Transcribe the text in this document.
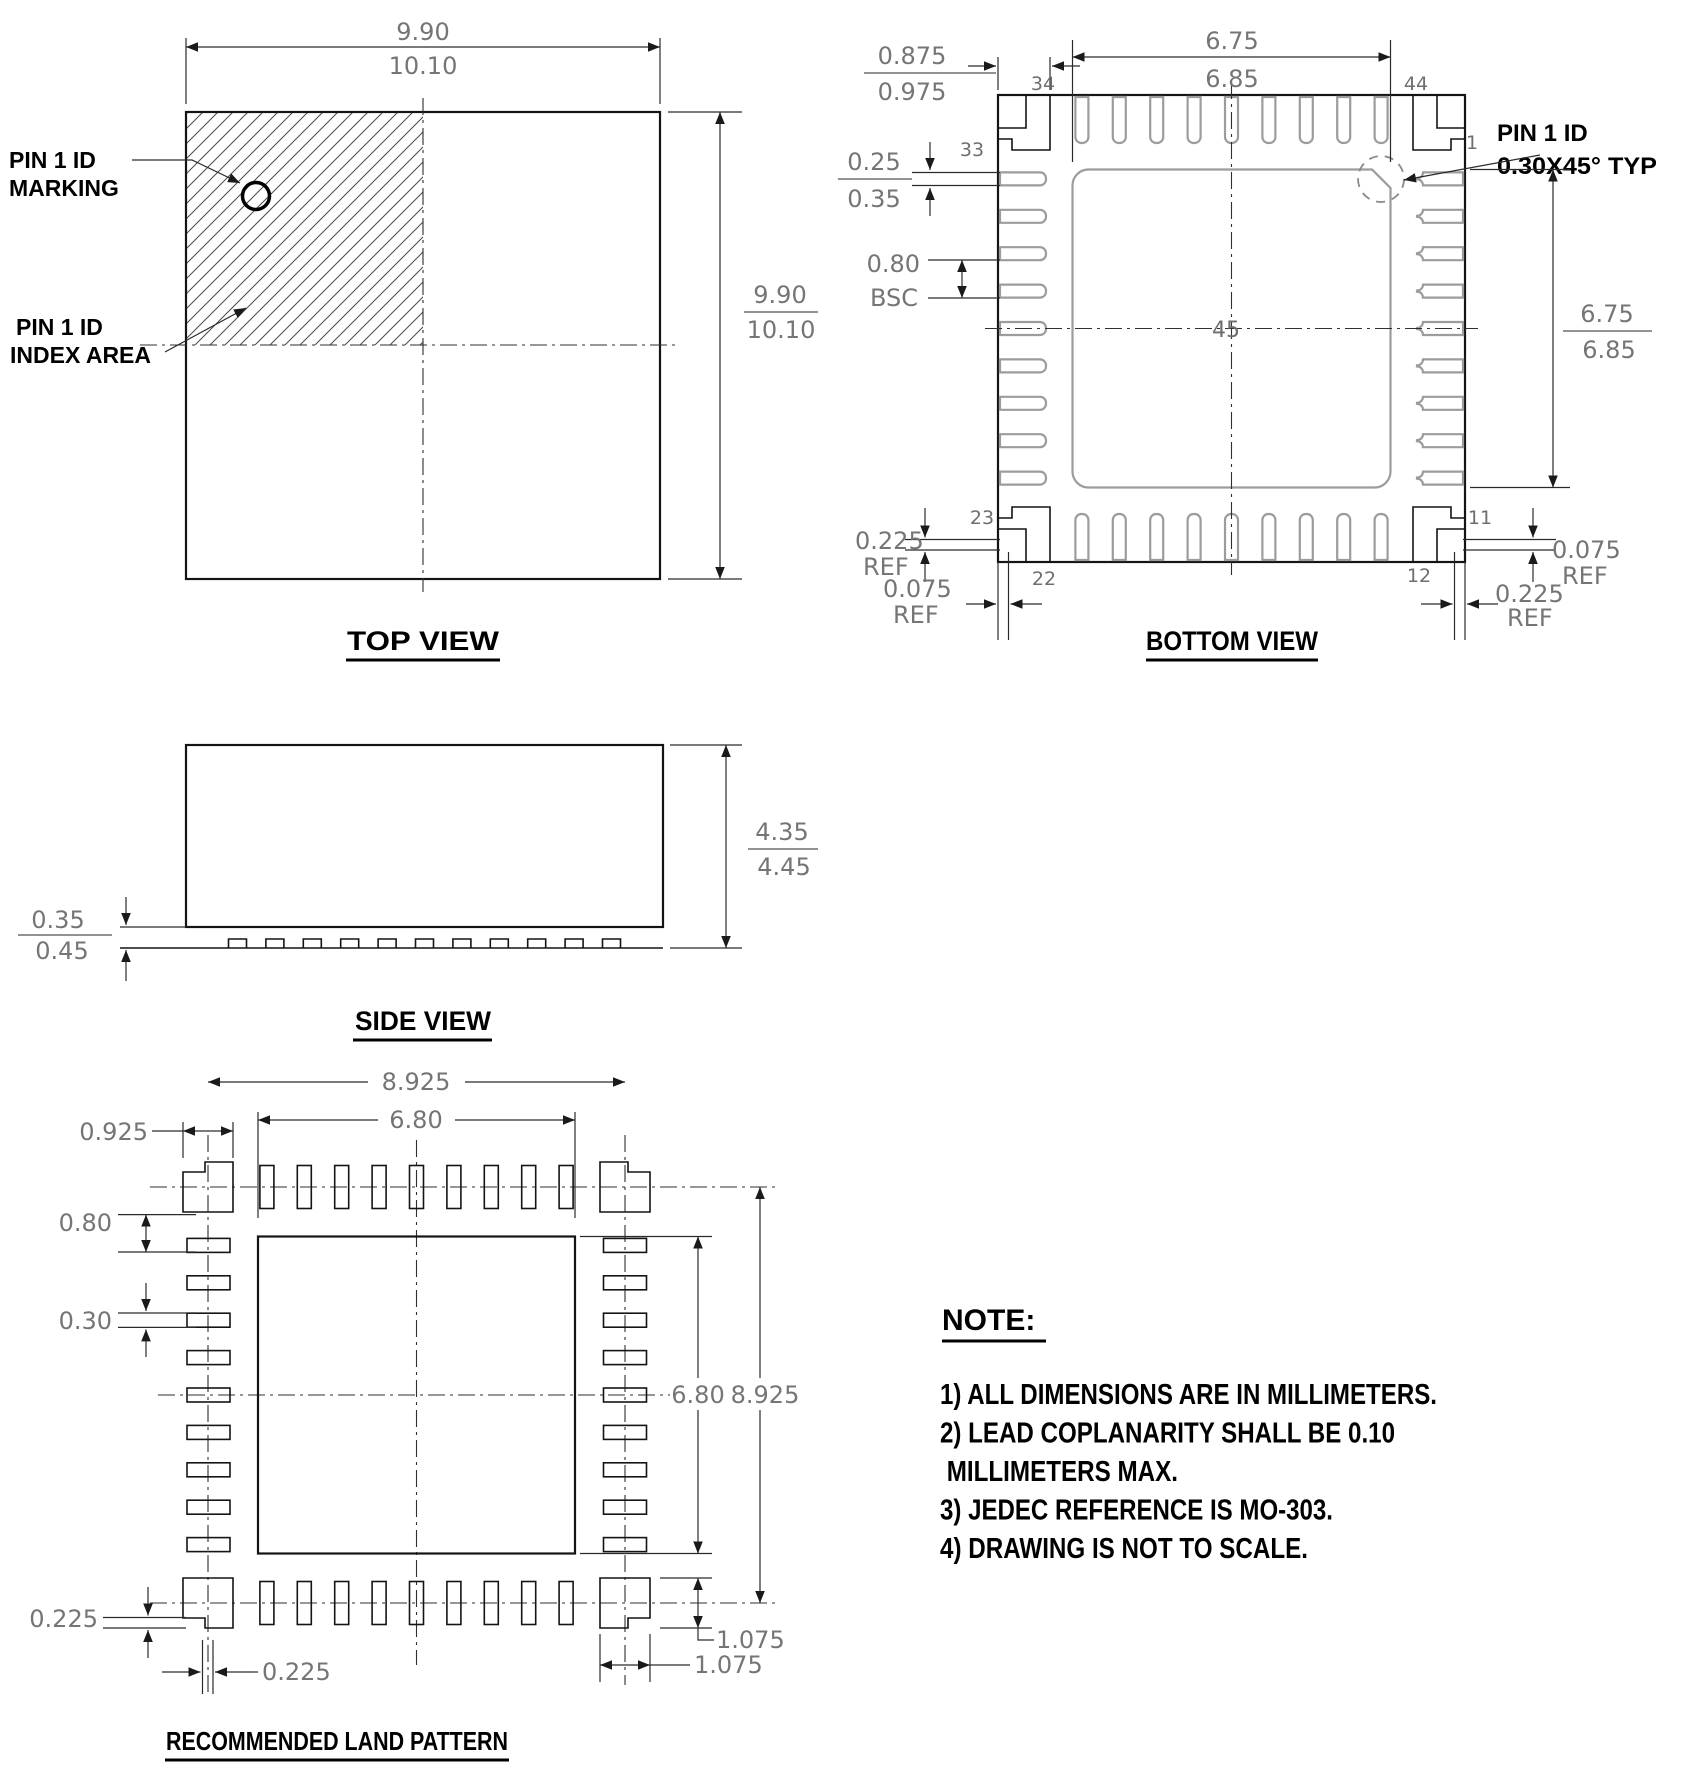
9.90
10.10
9.90
10.10
PIN 1 ID
MARKING
PIN 1 ID
INDEX AREA
TOP VIEW
45
6.75
6.85
0.875
0.975	34	44
33	1
23
22
11
12
0.25
0.35
0.80
BSC
PIN 1 ID
0.30X45° TYP
6.75
6.85
0.225
REF
0.075
REF
0.075
REF
0.225
REF
BOTTOM VIEW
0.35
0.45
4.35
4.45
SIDE VIEW
8.925
6.80
0.925
0.80
0.30
0.225
0.225
1.075
1.075
6.80 8.925
RECOMMENDED LAND PATTERN
NOTE:
1) ALL DIMENSIONS ARE IN MILLIMETERS.
2) LEAD COPLANARITY SHALL BE 0.10
MILLIMETERS MAX.
3) JEDEC REFERENCE IS MO-303.
4) DRAWING IS NOT TO SCALE.
